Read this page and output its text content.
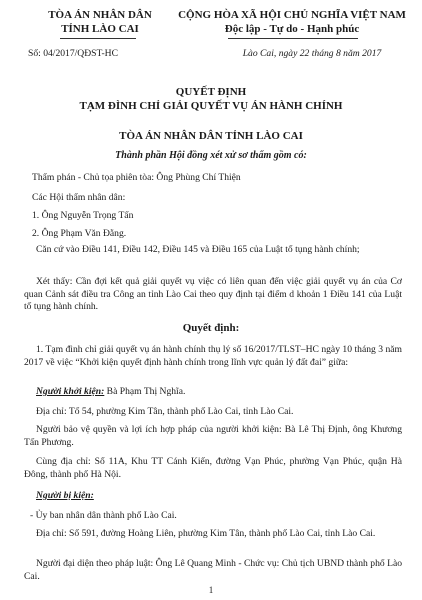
TÒA ÁN NHÂN DÂN
TỈNH LÀO CAI
CỘNG HÒA XÃ HỘI CHỦ NGHĨA VIỆT NAM
Độc lập - Tự do - Hạnh phúc
Số: 04/2017/QĐST-HC	Lào Cai, ngày 22 tháng 8 năm 2017
QUYẾT ĐỊNH
TẠM ĐÌNH CHỈ GIẢI QUYẾT VỤ ÁN HÀNH CHÍNH
TÒA ÁN NHÂN DÂN TỈNH LÀO CAI
Thành phần Hội đồng xét xử sơ thẩm gồm có:
Thẩm phán - Chủ tọa phiên tòa: Ông Phùng Chí Thiện
Các Hội thẩm nhân dân:
1. Ông Nguyễn Trọng Tấn
2. Ông Phạm Văn Đằng.
Căn cứ vào Điều 141, Điều 142, Điều 145 và Điều 165 của Luật tố tụng hành chính;
Xét thấy: Cần đợi kết quả giải quyết vụ việc có liên quan đến việc giải quyết vụ án của Cơ quan Cảnh sát điều tra Công an tỉnh Lào Cai theo quy định tại điểm d khoản 1 Điều 141 của Luật tố tụng hành chính.
Quyết định:
1. Tạm đình chỉ giải quyết vụ án hành chính thụ lý số 16/2017/TLST–HC ngày 10 tháng 3 năm 2017 về việc “Khởi kiện quyết định hành chính trong lĩnh vực quản lý đất đai” giữa:
Người khởi kiện: Bà Phạm Thị Nghĩa.
Địa chỉ: Tổ 54, phường Kim Tân, thành phố Lào Cai, tỉnh Lào Cai.
Người bảo vệ quyền và lợi ích hợp pháp của người khởi kiện: Bà Lê Thị Định, ông Khương Tấn Phương.
Cùng địa chỉ: Số 11A, Khu TT Cánh Kiến, đường Vạn Phúc, phường Vạn Phúc, quận Hà Đông, thành phố Hà Nội.
Người bị kiện:
- Ủy ban nhân dân thành phố Lào Cai.
Địa chỉ: Số 591, đường Hoàng Liên, phường Kim Tân, thành phố Lào Cai, tỉnh Lào Cai.
Người đại diện theo pháp luật: Ông Lê Quang Minh - Chức vụ: Chủ tịch UBND thành phố Lào Cai.
1
